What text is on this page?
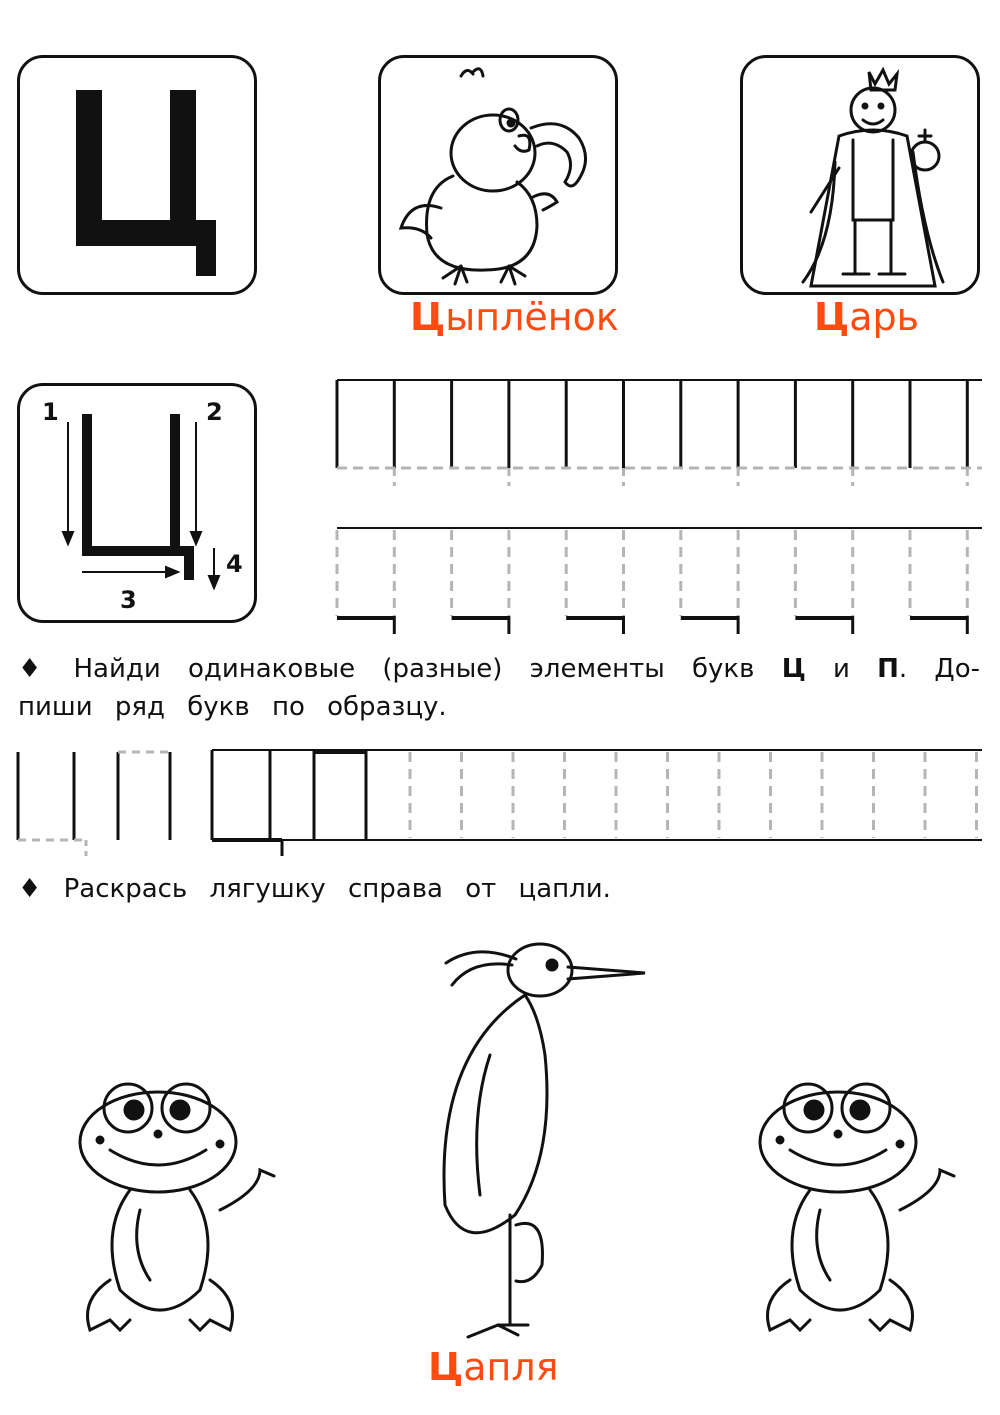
Цыплёнок	Царь
1	2
3
4
♦ Найди одинаковые (разные) элементы букв Ц и П. До-
пиши ряд букв по образцу.
♦ Раскрась лягушку справа от цапли.
Цапля
